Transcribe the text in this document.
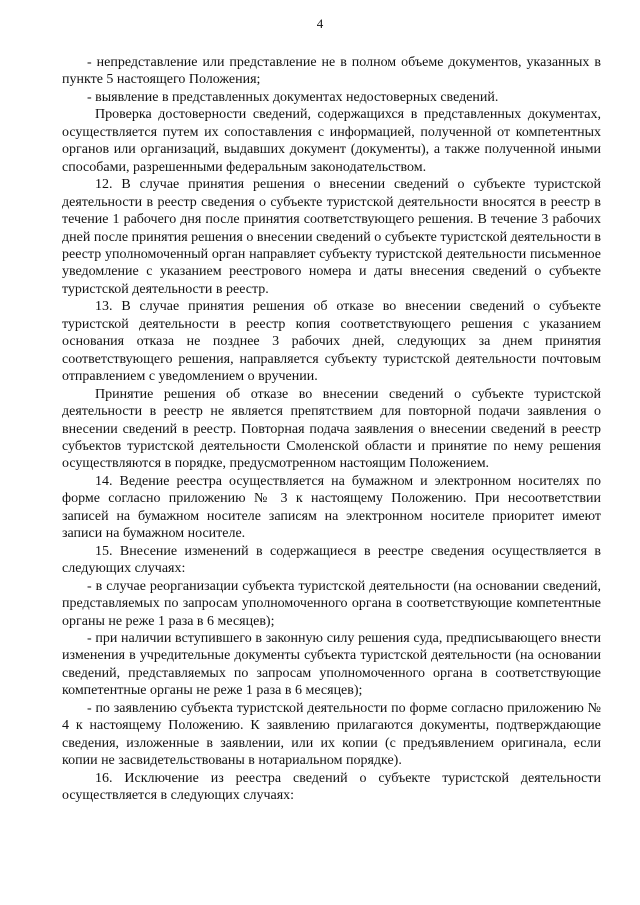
4

- непредставление или представление не в полном объеме документов, указанных в пункте 5 настоящего Положения;

- выявление в представленных документах недостоверных сведений.

Проверка достоверности сведений, содержащихся в представленных документах, осуществляется путем их сопоставления с информацией, полученной от компетентных органов или организаций, выдавших документ (документы), а также полученной иными способами, разрешенными федеральным законодательством.

12. В случае принятия решения о внесении сведений о субъекте туристской деятельности в реестр сведения о субъекте туристской деятельности вносятся в реестр в течение 1 рабочего дня после принятия соответствующего решения. В течение 3 рабочих дней после принятия решения о внесении сведений о субъекте туристской деятельности в реестр уполномоченный орган направляет субъекту туристской деятельности письменное уведомление с указанием реестрового номера и даты внесения сведений о субъекте туристской деятельности в реестр.

13. В случае принятия решения об отказе во внесении сведений о субъекте туристской деятельности в реестр копия соответствующего решения с указанием основания отказа не позднее 3 рабочих дней, следующих за днем принятия соответствующего решения, направляется субъекту туристской деятельности почтовым отправлением с уведомлением о вручении.

Принятие решения об отказе во внесении сведений о субъекте туристской деятельности в реестр не является препятствием для повторной подачи заявления о внесении сведений в реестр. Повторная подача заявления о внесении сведений в реестр субъектов туристской деятельности Смоленской области и принятие по нему решения осуществляются в порядке, предусмотренном настоящим Положением.

14. Ведение реестра осуществляется на бумажном и электронном носителях по форме согласно приложению № 3 к настоящему Положению. При несоответствии записей на бумажном носителе записям на электронном носителе приоритет имеют записи на бумажном носителе.

15. Внесение изменений в содержащиеся в реестре сведения осуществляется в следующих случаях:

- в случае реорганизации субъекта туристской деятельности (на основании сведений, представляемых по запросам уполномоченного органа в соответствующие компетентные органы не реже 1 раза в 6 месяцев);

- при наличии вступившего в законную силу решения суда, предписывающего внести изменения в учредительные документы субъекта туристской деятельности (на основании сведений, представляемых по запросам уполномоченного органа в соответствующие компетентные органы не реже 1 раза в 6 месяцев);

- по заявлению субъекта туристской деятельности по форме согласно приложению № 4 к настоящему Положению. К заявлению прилагаются документы, подтверждающие сведения, изложенные в заявлении, или их копии (с предъявлением оригинала, если копии не засвидетельствованы в нотариальном порядке).

16. Исключение из реестра сведений о субъекте туристской деятельности осуществляется в следующих случаях:
